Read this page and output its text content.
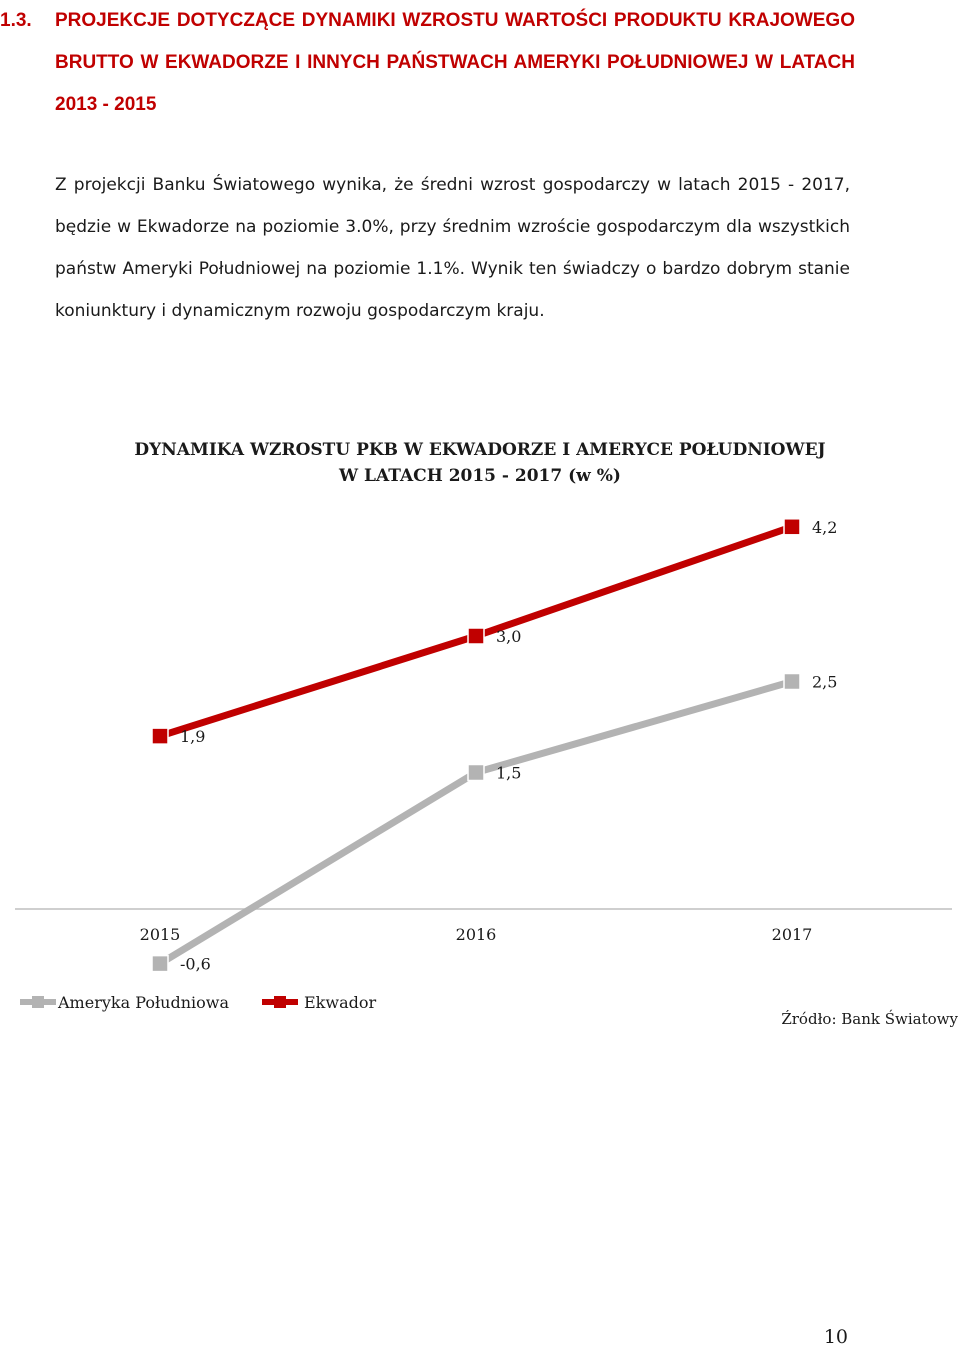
1.3. PROJEKCJE DOTYCZĄCE DYNAMIKI WZROSTU WARTOŚCI PRODUKTU KRAJOWEGO BRUTTO W EKWADORZE I INNYCH PAŃSTWACH AMERYKI POŁUDNIOWEJ W LATACH 2013 - 2015
Z projekcji Banku Światowego wynika, że średni wzrost gospodarczy w latach 2015 - 2017, będzie w Ekwadorze na poziomie 3.0%, przy średnim wzroście gospodarczym dla wszystkich państw Ameryki Południowej na poziomie 1.1%. Wynik ten świadczy o bardzo dobrym stanie koniunktury i dynamicznym rozwoju gospodarczym kraju.
DYNAMIKA WZROSTU PKB W EKWADORZE I AMERYCE POŁUDNIOWEJ
W LATACH 2015 - 2017 (w %)
-0,6
1,5
2,5
1,9
3,0
4,2
2015	2016	2017
Ameryka Południowa	Ekwador
Źródło: Bank Światowy
10
